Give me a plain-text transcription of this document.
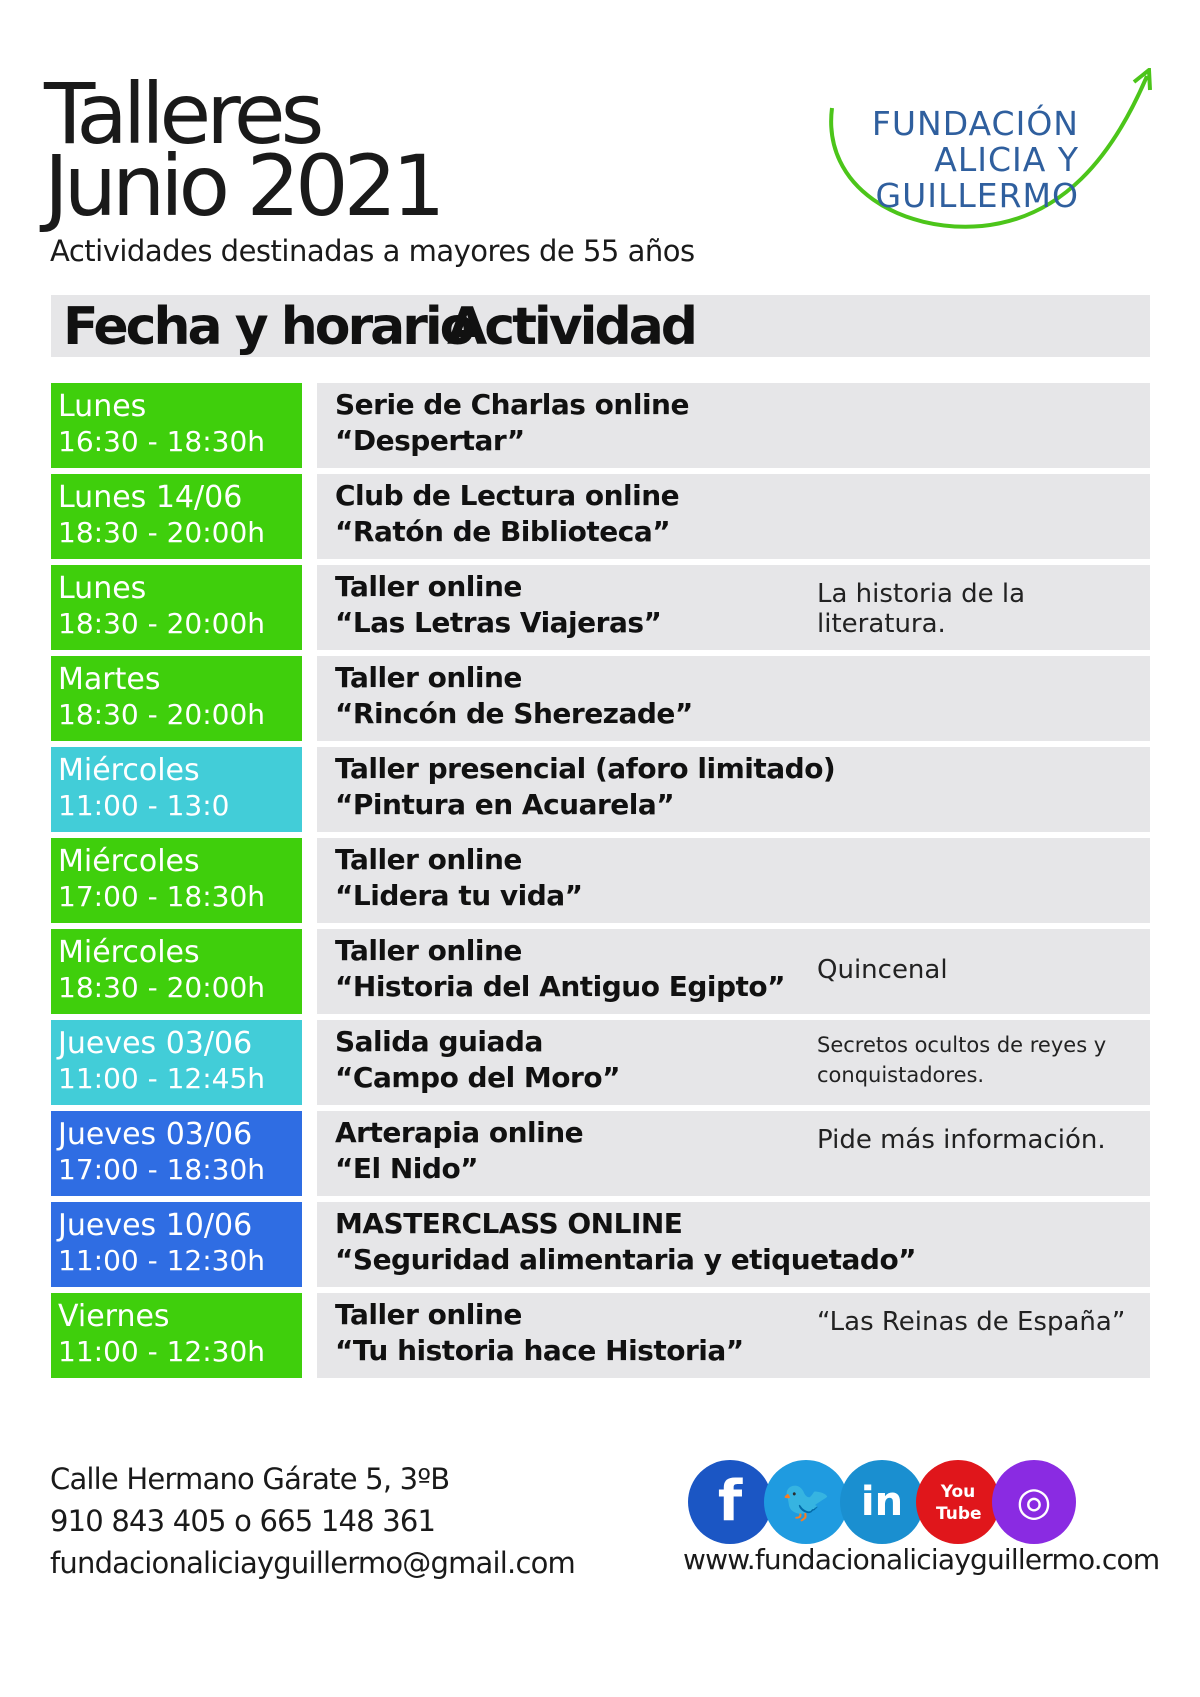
Talleres
Junio 2021
Actividades destinadas a mayores de 55 años
FUNDACIÓN
ALICIA Y
GUILLERMO
Fecha y horario
Actividad
Lunes
16:30 - 18:30h
Serie de Charlas online
“Despertar”
Lunes 14/06
18:30 - 20:00h
Club de Lectura online
“Ratón de Biblioteca”
Lunes
18:30 - 20:00h
Taller online
“Las Letras Viajeras”
La historia de la literatura.
Martes
18:30 - 20:00h
Taller online
“Rincón de Sherezade”
Miércoles
11:00 - 13:0
Taller presencial (aforo limitado)
“Pintura en Acuarela”
Miércoles
17:00 - 18:30h
Taller online
“Lidera tu vida”
Miércoles
18:30 - 20:00h
Taller online
“Historia del Antiguo Egipto”	Quincenal
Jueves 03/06
11:00 - 12:45h
Salida guiada
“Campo del Moro”
Secretos ocultos de reyes y conquistadores.
Jueves 03/06
17:00 - 18:30h
Arterapia online
“El Nido”
Pide más información.
Jueves 10/06
11:00 - 12:30h
MASTERCLASS ONLINE
“Seguridad alimentaria y etiquetado”
Viernes
11:00 - 12:30h
Taller online
“Tu historia hace Historia”
“Las Reinas de España”
Calle Hermano Gárate 5, 3ºB
910 843 405 o 665 148 361
fundacionaliciayguillermo@gmail.com
f 🐦 in	You Tube ◎
www.fundacionaliciayguillermo.com
